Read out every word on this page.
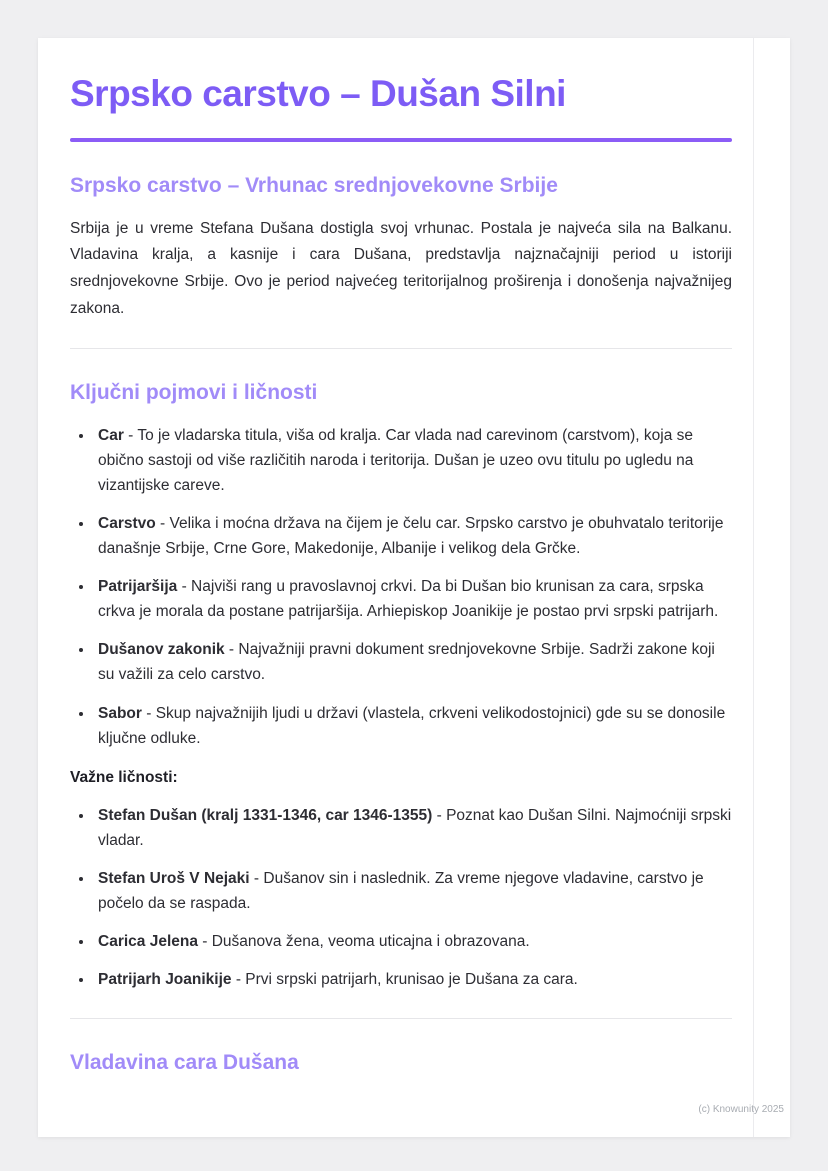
Srpsko carstvo – Dušan Silni
Srpsko carstvo – Vrhunac srednjovekovne Srbije

Srbija je u vreme Stefana Dušana dostigla svoj vrhunac. Postala je najveća sila na Balkanu. Vladavina kralja, a kasnije i cara Dušana, predstavlja najznačajniji period u istoriji srednjovekovne Srbije. Ovo je period najvećeg teritorijalnog proširenja i donošenja najvažnijeg zakona.

Ključni pojmovi i ličnosti
• Car - To je vladarska titula, viša od kralja. Car vlada nad carevinom (carstvom), koja se obično sastoji od više različitih naroda i teritorija. Dušan je uzeo ovu titulu po ugledu na vizantijske careve.
• Carstvo - Velika i moćna država na čijem je čelu car. Srpsko carstvo je obuhvatalo teritorije današnje Srbije, Crne Gore, Makedonije, Albanije i velikog dela Grčke.
• Patrijaršija - Najviši rang u pravoslavnoj crkvi. Da bi Dušan bio krunisan za cara, srpska crkva je morala da postane patrijaršija. Arhiepiskop Joanikije je postao prvi srpski patrijarh.
• Dušanov zakonik - Najvažniji pravni dokument srednjovekovne Srbije. Sadrži zakone koji su važili za celo carstvo.
• Sabor - Skup najvažnijih ljudi u državi (vlastela, crkveni velikodostojnici) gde su se donosile ključne odluke.

Važne ličnosti:

• Stefan Dušan (kralj 1331-1346, car 1346-1355) - Poznat kao Dušan Silni. Najmoćniji srpski vladar.
• Stefan Uroš V Nejaki - Dušanov sin i naslednik. Za vreme njegove vladavine, carstvo je počelo da se raspada.
• Carica Jelena - Dušanova žena, veoma uticajna i obrazovana.
• Patrijarh Joanikije - Prvi srpski patrijarh, krunisao je Dušana za cara.
Vladavina cara Dušana
(c) Knowunity 2025
